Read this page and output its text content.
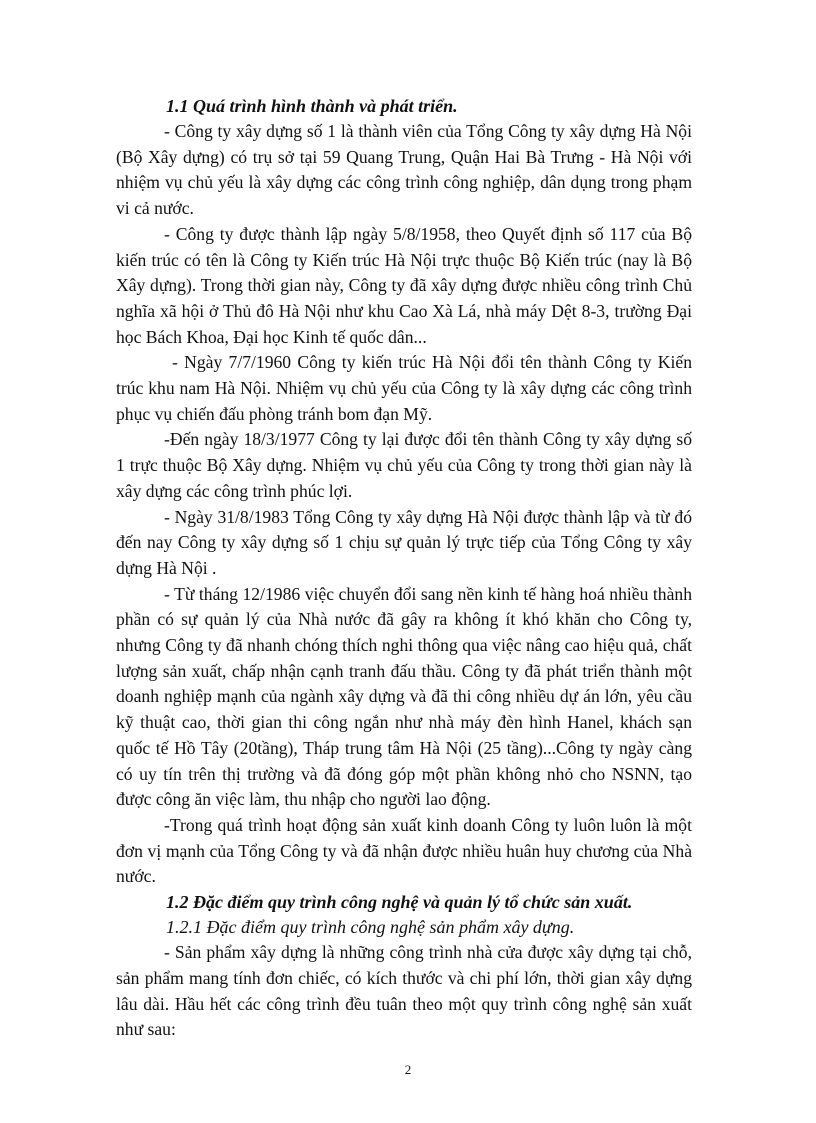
1.1 Quá trình hình thành và phát triển.

- Công ty xây dựng số 1 là thành viên của Tổng Công ty xây dựng Hà Nội (Bộ Xây dựng) có trụ sở tại 59 Quang Trung, Quận Hai Bà Trưng - Hà Nội với nhiệm vụ chủ yếu là xây dựng các công trình công nghiệp, dân dụng trong phạm vi cả nước.

- Công ty được thành lập ngày 5/8/1958, theo Quyết định số 117 của Bộ kiến trúc có tên là Công ty Kiến trúc Hà Nội trực thuộc Bộ Kiến trúc (nay là Bộ Xây dựng). Trong thời gian này, Công ty đã xây dựng được nhiều công trình Chủ nghĩa xã hội ở Thủ đô Hà Nội như khu Cao Xà Lá, nhà máy Dệt 8-3, trường Đại học Bách Khoa, Đại học Kinh tế quốc dân...

- Ngày 7/7/1960 Công ty kiến trúc Hà Nội đổi tên thành Công ty Kiến trúc khu nam Hà Nội. Nhiệm vụ chủ yếu của Công ty là xây dựng các công trình phục vụ chiến đấu phòng tránh bom đạn Mỹ.

-Đến ngày 18/3/1977 Công ty lại được đổi tên thành Công ty xây dựng số 1 trực thuộc Bộ Xây dựng. Nhiệm vụ chủ yếu của Công ty trong thời gian này là xây dựng các công trình phúc lợi.

- Ngày 31/8/1983 Tổng Công ty xây dựng Hà Nội được thành lập và từ đó đến nay Công ty xây dựng số 1 chịu sự quản lý trực tiếp của Tổng Công ty xây dựng Hà Nội .

- Từ tháng 12/1986 việc chuyển đổi sang nền kinh tế hàng hoá nhiều thành phần có sự quản lý của Nhà nước đã gây ra không ít khó khăn cho Công ty, nhưng Công ty đã nhanh chóng thích nghi thông qua việc nâng cao hiệu quả, chất lượng sản xuất, chấp nhận cạnh tranh đấu thầu. Công ty đã phát triển thành một doanh nghiệp mạnh của ngành xây dựng và đã thi công nhiều dự án lớn, yêu cầu kỹ thuật cao, thời gian thi công ngắn như nhà máy đèn hình Hanel, khách sạn quốc tế Hồ Tây (20tầng), Tháp trung tâm Hà Nội (25 tầng)...Công ty ngày càng có uy tín trên thị trường và đã đóng góp một phần không nhỏ cho NSNN, tạo được công ăn việc làm, thu nhập cho người lao động.

-Trong quá trình hoạt động sản xuất kinh doanh Công ty luôn luôn là một đơn vị mạnh của Tổng Công ty và đã nhận được nhiều huân huy chương của Nhà nước.

1.2 Đặc điểm quy trình công nghệ và quản lý tổ chức sản xuất.

1.2.1 Đặc điểm quy trình công nghệ sản phẩm xây dựng.

- Sản phẩm xây dựng là những công trình nhà cửa được xây dựng tại chỗ, sản phẩm mang tính đơn chiếc, có kích thước và chi phí lớn, thời gian xây dựng lâu dài. Hầu hết các công trình đều tuân theo một quy trình công nghệ sản xuất như sau:

2
